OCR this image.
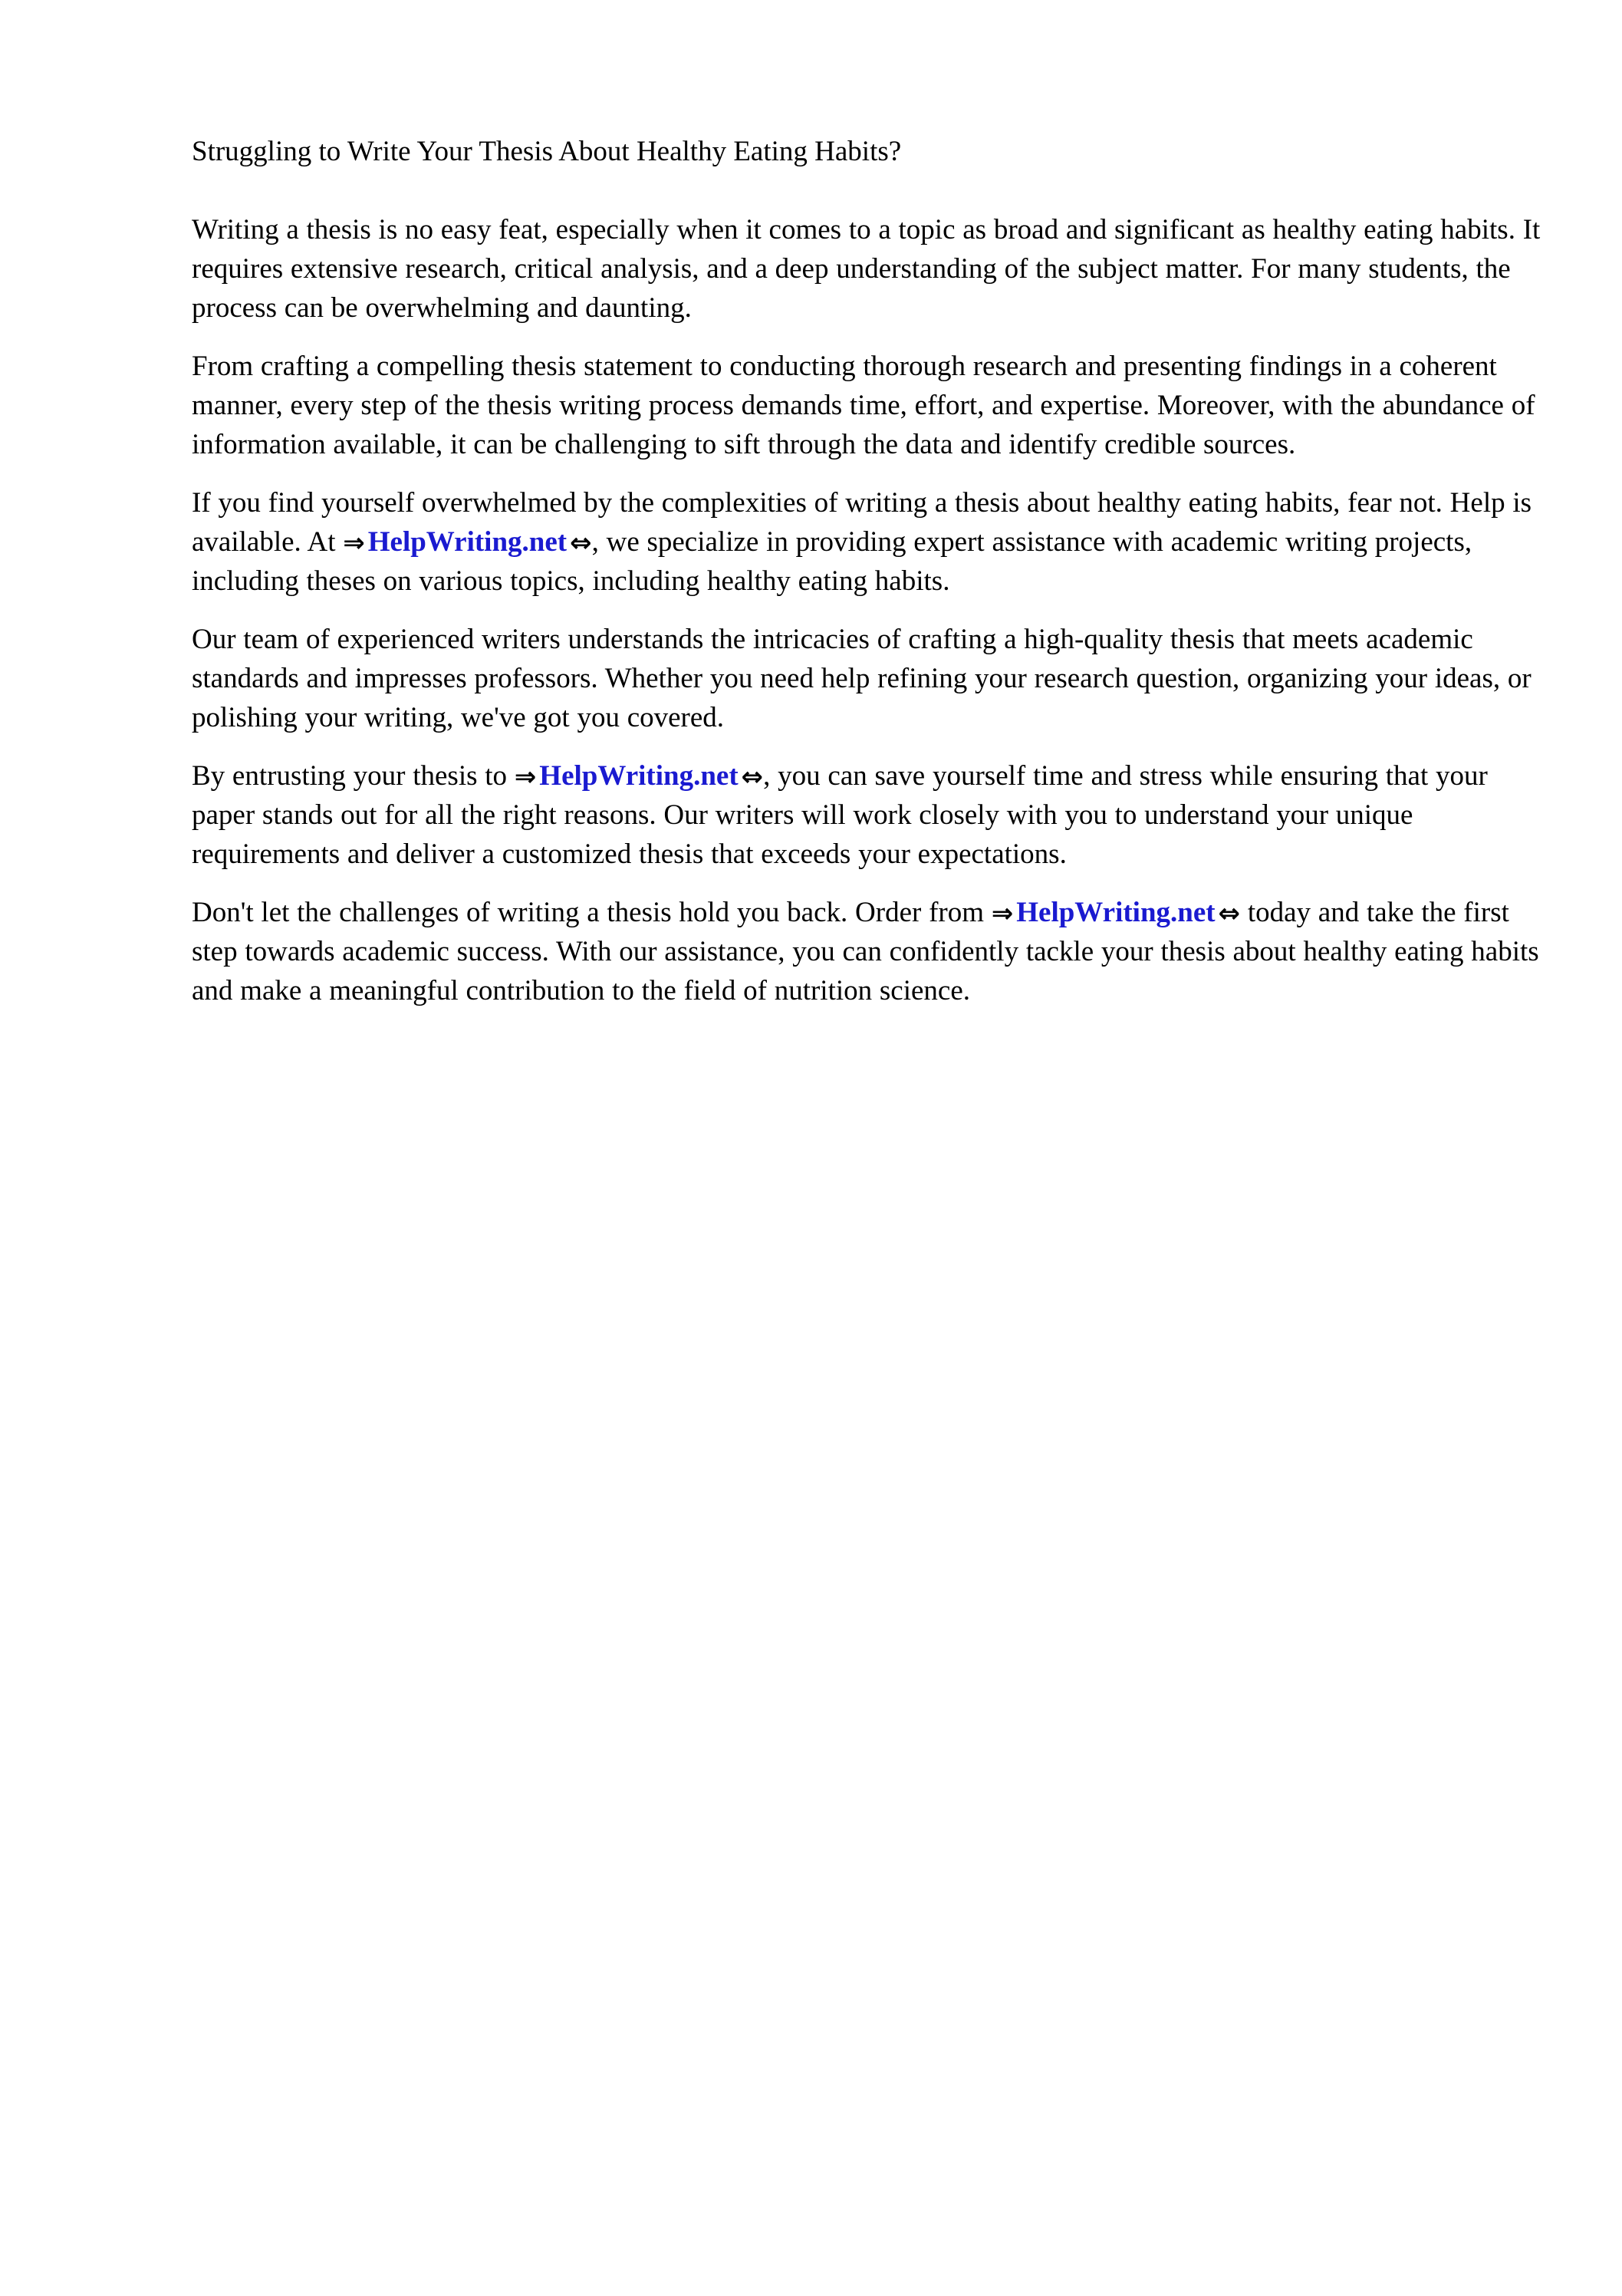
Struggling to Write Your Thesis About Healthy Eating Habits?

Writing a thesis is no easy feat, especially when it comes to a topic as broad and significant as healthy eating habits. It requires extensive research, critical analysis, and a deep understanding of the subject matter. For many students, the process can be overwhelming and daunting.

From crafting a compelling thesis statement to conducting thorough research and presenting findings in a coherent manner, every step of the thesis writing process demands time, effort, and expertise. Moreover, with the abundance of information available, it can be challenging to sift through the data and identify credible sources.

If you find yourself overwhelmed by the complexities of writing a thesis about healthy eating habits, fear not. Help is available. At ⇒ HelpWriting.net ⇔, we specialize in providing expert assistance with academic writing projects, including theses on various topics, including healthy eating habits.

Our team of experienced writers understands the intricacies of crafting a high-quality thesis that meets academic standards and impresses professors. Whether you need help refining your research question, organizing your ideas, or polishing your writing, we've got you covered.

By entrusting your thesis to ⇒ HelpWriting.net ⇔, you can save yourself time and stress while ensuring that your paper stands out for all the right reasons. Our writers will work closely with you to understand your unique requirements and deliver a customized thesis that exceeds your expectations.

Don't let the challenges of writing a thesis hold you back. Order from ⇒ HelpWriting.net ⇔ today and take the first step towards academic success. With our assistance, you can confidently tackle your thesis about healthy eating habits and make a meaningful contribution to the field of nutrition science.
